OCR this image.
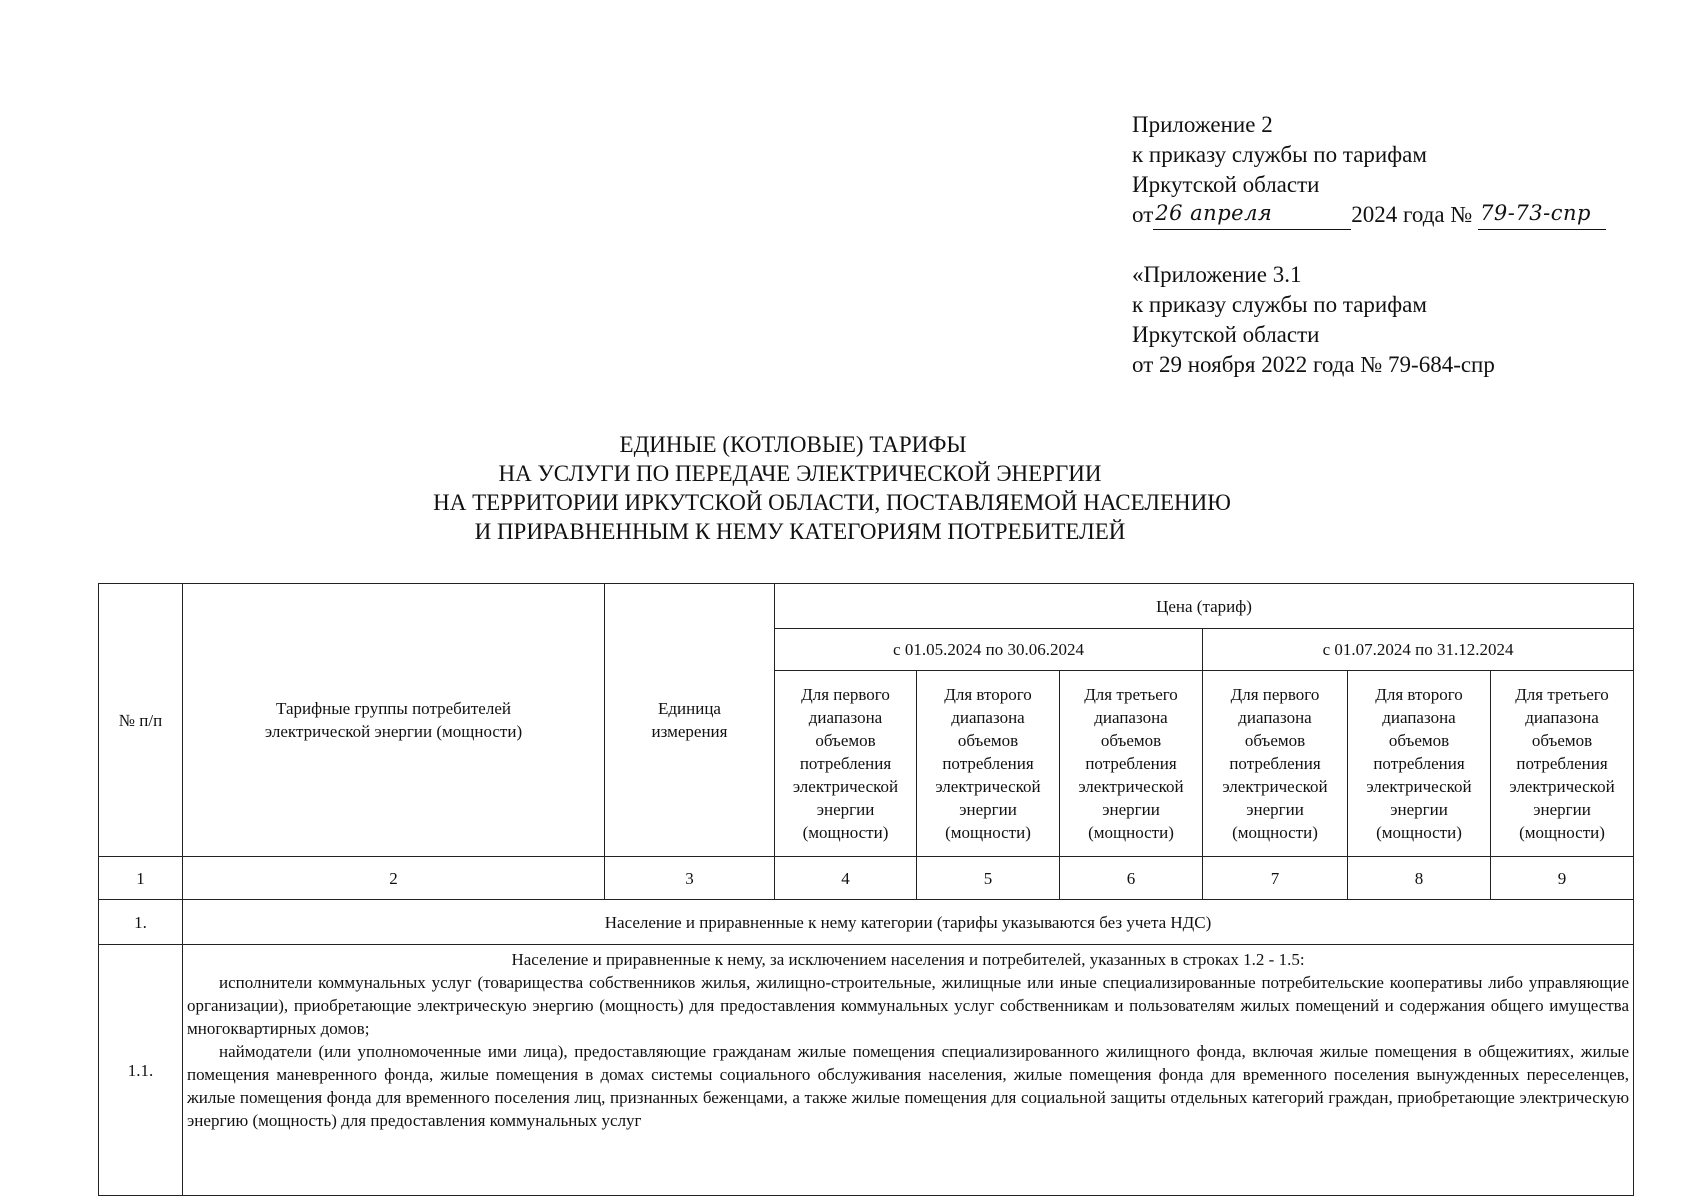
Приложение 2
к приказу службы по тарифам
Иркутской области
от 26 апреля	2024 года № 79-73-спр
«Приложение 3.1
к приказу службы по тарифам
Иркутской области
от 29 ноября 2022 года № 79-684-спр
ЕДИНЫЕ (КОТЛОВЫЕ) ТАРИФЫ
НА УСЛУГИ ПО ПЕРЕДАЧЕ ЭЛЕКТРИЧЕСКОЙ ЭНЕРГИИ
НА ТЕРРИТОРИИ ИРКУТСКОЙ ОБЛАСТИ, ПОСТАВЛЯЕМОЙ НАСЕЛЕНИЮ
И ПРИРАВНЕННЫМ К НЕМУ КАТЕГОРИЯМ ПОТРЕБИТЕЛЕЙ
№ п/п	Тарифные группы потребителей электрической энергии (мощности)	Единица измерения	Цена (тариф)					
			с 01.05.2024 по 30.06.2024			с 01.07.2024 по 31.12.2024		
			Для первого диапазона объемов потребления электрической энергии (мощности)	Для второго диапазона объемов потребления электрической энергии (мощности)	Для третьего диапазона объемов потребления электрической энергии (мощности)	Для первого диапазона объемов потребления электрической энергии (мощности)	Для второго диапазона объемов потребления электрической энергии (мощности)	Для третьего диапазона объемов потребления электрической энергии (мощности)
1	2	3	4	5	6	7	8	9
1.	Население и приравненные к нему категории (тарифы указываются без учета НДС)							
1.1.	Население и приравненные к нему, за исключением населения и потребителей, указанных в строках 1.2 - 1.5:
исполнители коммунальных услуг (товарищества собственников жилья, жилищно-строительные, жилищные или иные специализированные потребительские кооперативы либо управляющие организации), приобретающие электрическую энергию (мощность) для предоставления коммунальных услуг собственникам и пользователям жилых помещений и содержания общего имущества многоквартирных домов;
наймодатели (или уполномоченные ими лица), предоставляющие гражданам жилые помещения специализированного жилищного фонда, включая жилые помещения в общежитиях, жилые помещения маневренного фонда, жилые помещения в домах системы социального обслуживания населения, жилые помещения фонда для временного поселения вынужденных переселенцев, жилые помещения фонда для временного поселения лиц, признанных беженцами, а также жилые помещения для социальной защиты отдельных категорий граждан, приобретающие электрическую энергию (мощность) для предоставления коммунальных услуг							
